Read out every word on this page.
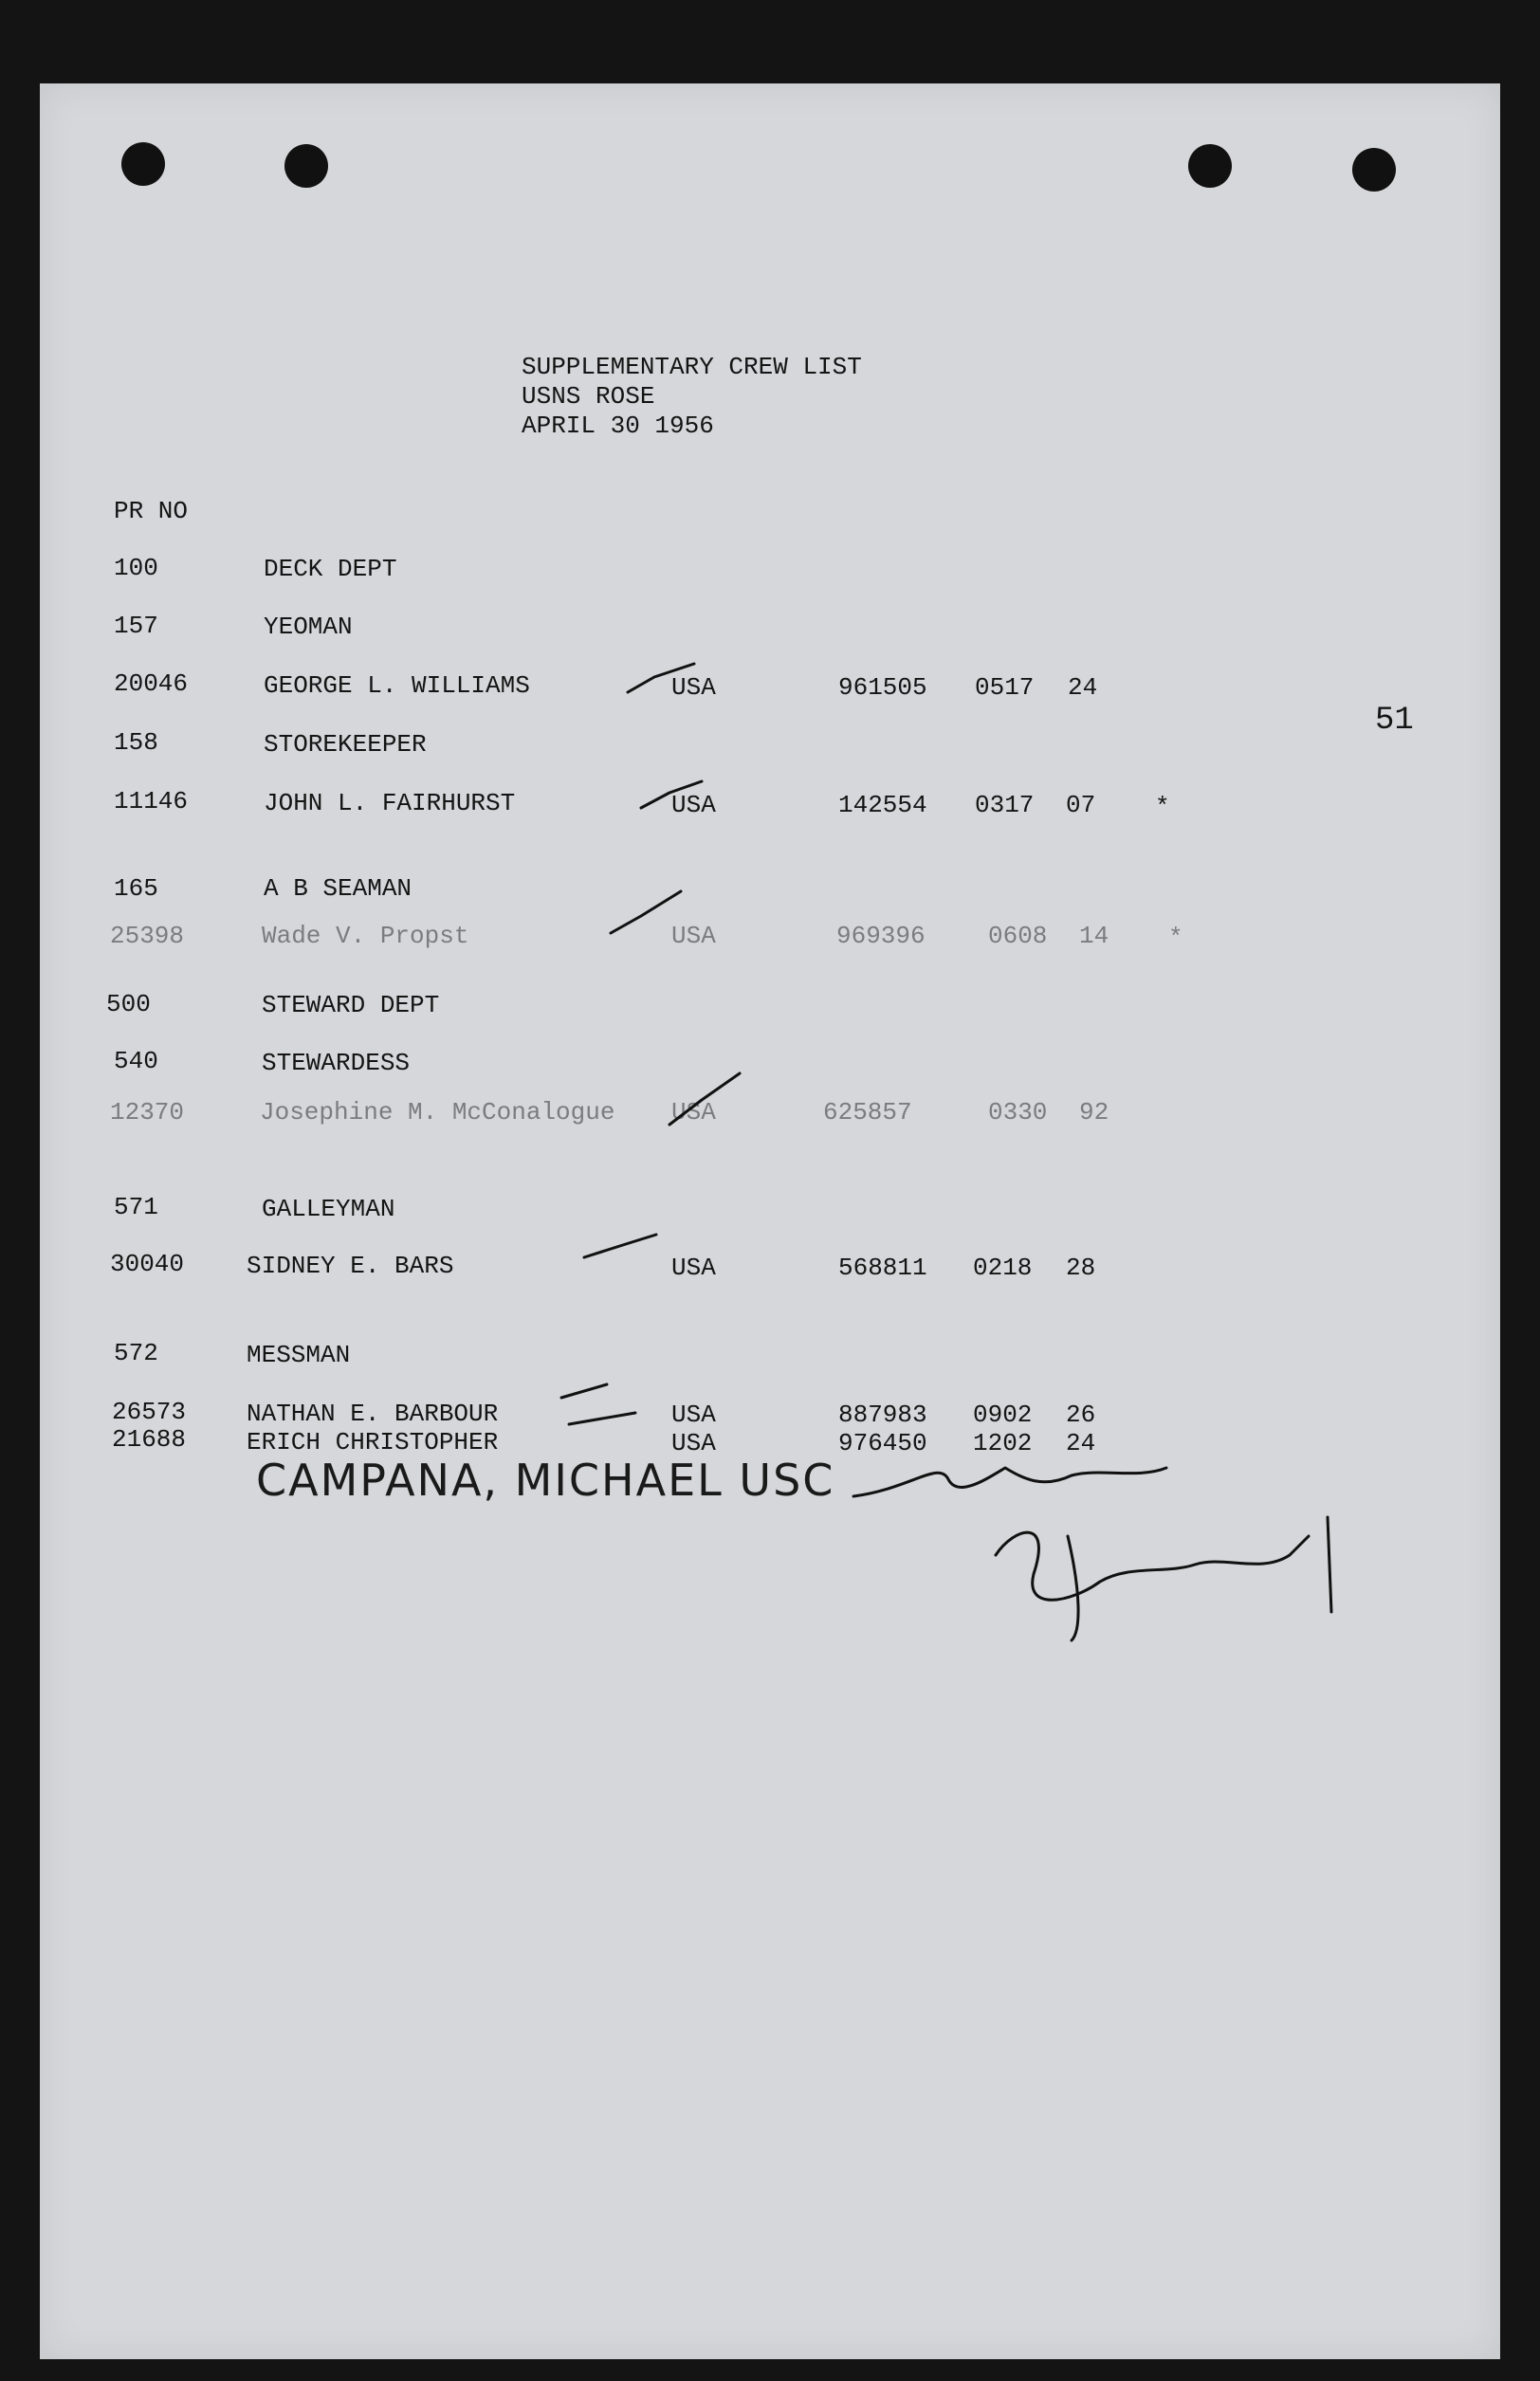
SUPPLEMENTARY CREW LIST
USNS ROSE
APRIL 30 1956
51
PR NO
100	DECK DEPT
157	YEOMAN
20046	GEORGE L. WILLIAMS	USA	961505 0517 24
158	STOREKEEPER
11146	JOHN L. FAIRHURST	USA	142554 0317 07 *
165	A B SEAMAN
25398	Wade V. Propst	USA	969396	0608 14 *
500	STEWARD DEPT
540	STEWARDESS
12370	Josephine M. McConalogue USA	625857	0330 92
571	GALLEYMAN
30040	SIDNEY E. BARS	USA	568811 0218 28
572	MESSMAN
26573 NATHAN E. BARBOUR	USA	887983 0902 26
21688 ERICH CHRISTOPHER	USA	976450 1202 24
CAMPANA, MICHAEL USC
